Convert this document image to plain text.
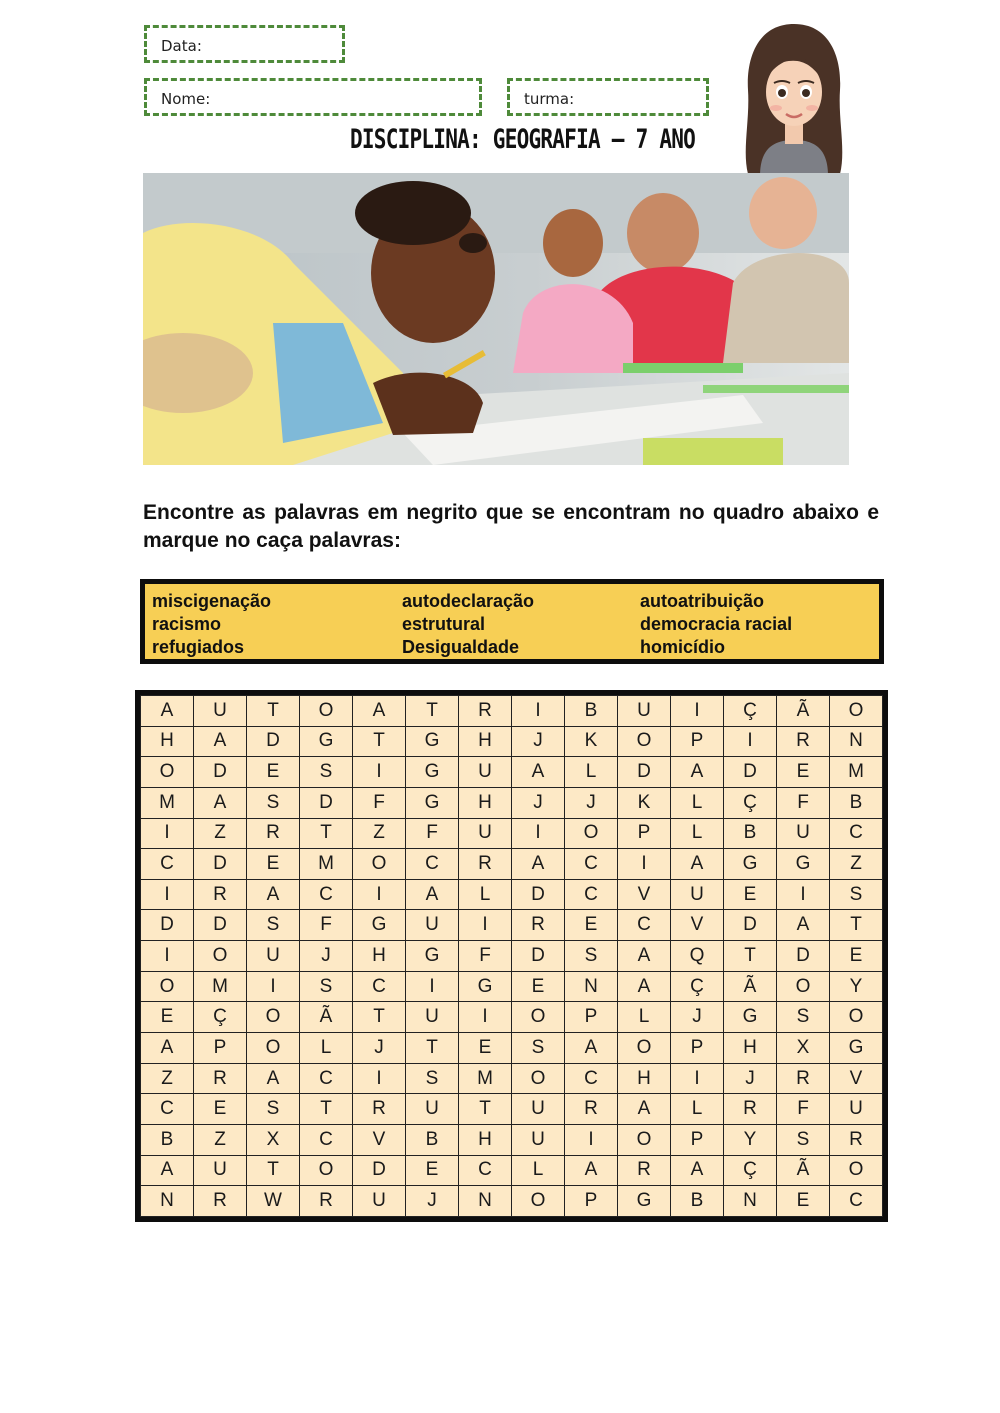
Data:
Nome:	turma:
DISCIPLINA: GEOGRAFIA – 7 ANO
Encontre as palavras em negrito que se encontram no quadro abaixo e marque no caça palavras:
miscigenação	autodeclaração	autoatribuição
racismo	estrutural	democracia racial
refugiados	Desigualdade	homicídio
A	U	T	O	A	T	R	I	B	U	I	Ç	Ã	O
H	A	D	G	T	G	H	J	K	O	P	I	R	N
O	D	E	S	I	G	U	A	L	D	A	D	E	M
M	A	S	D	F	G	H	J	J	K	L	Ç	F	B
I	Z	R	T	Z	F	U	I	O	P	L	B	U	C
C	D	E	M	O	C	R	A	C	I	A	G	G	Z
I	R	A	C	I	A	L	D	C	V	U	E	I	S
D	D	S	F	G	U	I	R	E	C	V	D	A	T
I	O	U	J	H	G	F	D	S	A	Q	T	D	E
O	M	I	S	C	I	G	E	N	A	Ç	Ã	O	Y
E	Ç	O	Ã	T	U	I	O	P	L	J	G	S	O
A	P	O	L	J	T	E	S	A	O	P	H	X	G
Z	R	A	C	I	S	M	O	C	H	I	J	R	V
C	E	S	T	R	U	T	U	R	A	L	R	F	U
B	Z	X	C	V	B	H	U	I	O	P	Y	S	R
A	U	T	O	D	E	C	L	A	R	A	Ç	Ã	O
N	R	W	R	U	J	N	O	P	G	B	N	E	C
